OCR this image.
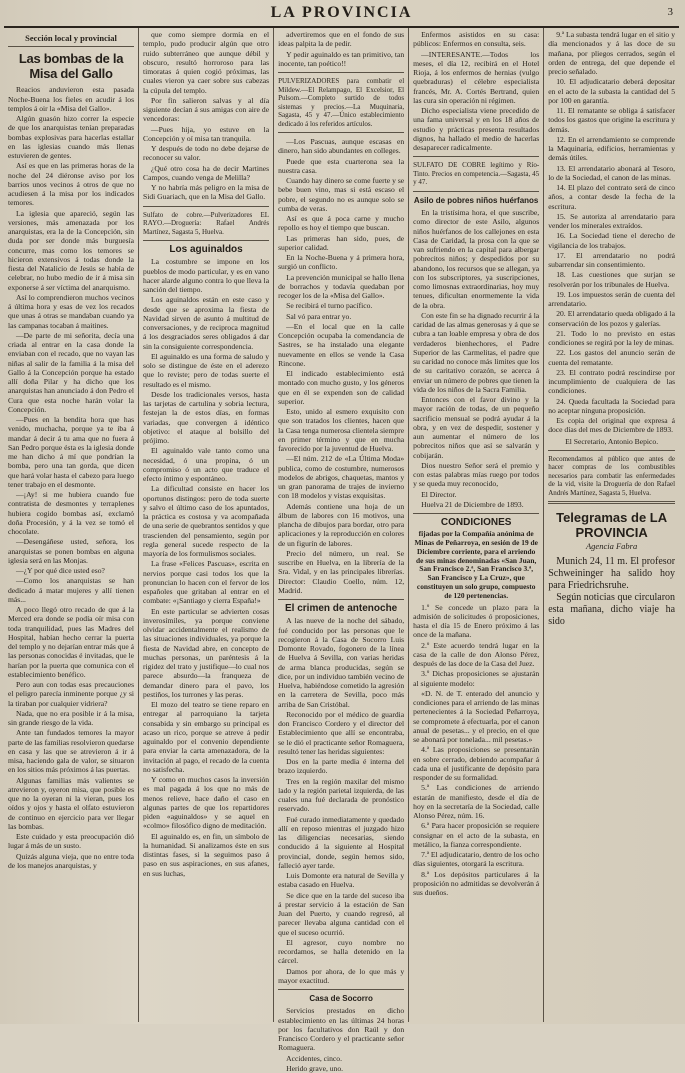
LA PROVINCIA	3
Sección local y provincial
Las bombas de la Misa del Gallo

Reacios anduvieron esta pasada Noche-Buena los fieles en acudir á los templos á oir la «Misa del Gallo».

Algún guasón hizo correr la especie de que los anarquistas tenían preparadas bombas explosivas para hacerlas estallar en las iglesias cuando más llenas estuvieren de gentes.

Así es que en las primeras horas de la noche del 24 diéronse aviso por los barrios unos vecinos á otros de que no acudiesen á la misa por los indicados temores.

La iglesia que apareció, según las versiones, más amenazada por los anarquistas, era la de la Concepción, sin duda por ser donde más burguesía concurre, mas como los temores se hicieron extensivos á todas donde la fiesta del Natalicio de Jesús se había de celebrar, no hubo medio de ir á misa sin exponerse á ser víctima del anarquismo.

Así lo comprendieron muchos vecinos á última hora y esas de vez los recados que unas á otras se mandaban cuando ya las campanas tocaban á maitines.

—De parte de mi señorita, decía una criada al entrar en la casa donde la enviaban con el recado, que no vayan las niñas al salir de la familia á la misa del Gallo á la Concepción porque ha estado allí doña Pilar y ha dicho que los anarquistas han anunciado á don Pedro el Cura que esta noche harán volar la Concepción.

—Pues en la bendita hora que has venido, muchacha, porque ya te iba á mandar á decir á tu ama que no fuera á San Pedro porque ésta es la iglesia donde me han dicho á mí que pondrían la bomba, pero una tan gorda, que dicen que hará volar hasta el cabezo para luego tener trabajo en el desmonte.

—¡Ay! si me hubiera cuando fue contratista de desmontes y terraplenes hubiera cogido bombas así, exclamó doña Procesión, y á la vez se tomó el chocolate.

—Desengáñese usted, señora, los anarquistas se ponen bombas en alguna iglesia será en las Monjas.

—¿Y por qué dice usted eso?

—Como los anarquistas se han dedicado á matar mujeres y allí tienen más...

A poco llegó otro recado de que á la Merced era donde se podía oír misa con toda tranquilidad, pues las Madres del Hospital, habían hecho cerrar la puerta del templo y no dejarían entrar más que á las personas conocidas é invitadas, que le harían por la puerta que comunica con el establecimiento benéfico.

Pero aun con todas esas precauciones el peligro parecía inminente porque ¿y si la tiraban por cualquier vidriera?

Nada, que no era posible ir á la misa, sin grande riesgo de la vida.

Ante tan fundados temores la mayor parte de las familias resolvieron quedarse en casa y las que se atrevieron á ir á misa, haciendo gala de valor, se situaron en los sitios más próximos á las puertas.

Algunas familias más valientes se atrevieron y, oyeron misa, que posible es que no la oyeran ni la vieran, pues los oídos y ojos y hasta el olfato estuvieron de continuo en ejercicio para ver llegar las bombas.

Este cuidado y esta preocupación dió lugar á más de un susto.

Quizás alguna vieja, que no entre toda de los manejos anarquistas, y

que como siempre dormía en el templo, pudo producir algún que otro ruido subterráneo que aunque débil y obscuro, resultó horroroso para las timoratas á quien cogió próximas, las cuales vieron ya caer sobre sus cabezas la cúpula del templo.

Por fin salieron salvas y al día siguiente decían á sus amigas con aire de vencedoras:

—Pues hija, yo estuve en la Concepción y oí misa tan tranquila.

Y después de todo no debe dejarse de reconocer su valor.

¿Qué otro cosa ha de decir Martines Campos, cuando venga de Melilla?

Y no habría más peligro en la misa de Sidi Guariach, que en la Misa del Gallo.

Sulfato de cobre.—Pulverizadores EL RAYO.—Droguería: Rafael Andrés Martínez, Sagasta 5, Huelva.
Los aguinaldos

La costumbre se impone en los pueblos de modo particular, y es en vano hacer alarde alguno contra lo que lleva la sanción del tiempo.

Los aguinaldos están en este caso y desde que se aproxima la fiesta de Navidad sirven de asunto á multitud de conversaciones, y de reciproca magnitud á los desgraciados seres obligados á dar sin la consiguiente correspondencia.

El aguinaldo es una forma de saludo y solo se distingue de éste en el aderezo que lo reviste; pero de todas suerte el resultado es el mismo.

Desde los tradicionales versos, hasta las tarjetas de cartulina y sobria lectura, festejan la de estos días, en formas variadas, que convergen á idéntico objetivo: el ataque al bolsillo del prójimo.

El aguinaldo vale tanto como una necesidad, ó una propina, ó un compromiso ó un acto que traduce el efecto íntimo y espontáneo.

La dificultad consiste en hacer los oportunos distingos: pero de toda suerte y salvo el último caso de los apuntados, la práctica es costosa y va acompañada de una serie de quebrantos sentidos y que trascienden del pensamiento, según por regla general sucede respecto de la mayoría de los formulismos sociales.

La frase «Felices Pascuas», escrita en nervios porque casi todos los que la pronuncian lo hacen con el fervor de los españoles que gritaban al entrar en el combate: «¡Santiago y cierra España!»

En este particular se advierten cosas inverosímiles, ya porque conviene olvidar accidentalmente el realismo de las situaciones individuales, ya porque la fiesta de Navidad abre, en concepto de muchas personas, un paréntesis á la rigidez del trato y justifique—lo cual nos parece absurdo—la franqueza de demandar dinero para el pavo, los pestiños, los turrones y las peras.

El mozo del teatro se tiene reparo en entregar al parroquiano la tarjeta consabida y sin embargo su principal es acaso un rico, porque se atreve á pedir aguinaldo por el convenio dependiente para enviar la carta amenazadora, de la invitación al pago, el recado de la cuenta no satisfecha.

Y como en muchos casos la inversión es mal pagada á los que no más de menos relieve, hace daño el caso en algunas partes de que los repartidores piden «aguinaldos» y se aquel en «colmo» filosófico digno de meditación.

El aguinaldo es, en fin, un símbolo de la humanidad. Si analizamos éste en sus distintas fases, si la seguimos paso á paso en sus aspiraciones, en sus afanes, en sus luchas,

advertiremos que en el fondo de sus ideas palpita la de pedir.

Y pedir aguinaldo es tan primitivo, tan inocente, tan poético!!

PULVERIZADORES para combatir el Mildew.—El Relampago, El Excelsior, El Pulsom.—Completo surtido de todos sistemas y precios.—La Muquinaria, Sagasta, 45 y 47.—Único establecimiento dedicado á los referidos artículos.

—Los Pascuas, aunque escasas en dinero, han sido abundantes en colleges.

Puede que esta cuarterona sea la nuestra casa.

Cuando hay dinero se come fuerte y se bebe buen vino, mas si está escaso el pobre, el segundo no es aunque solo se cumba de veras.

Así es que á poca carne y mucho repollo es hoy el tiempo que buscan.

Las primeras han sido, pues, de superior calidad.

En la Noche-Buena y á primera hora, surgió un conflicto.

La prevención municipal se hallo llena de borrachos y todavía quedaban por recoger los de la «Misa del Gallo».

Se recibirá el turno pacífico.

Sal vó para entrar yo.

—En el local que en la calle Concepción ocupaba la comendancia de Sastres, se ha instalado una elegante nuevamente en ellos se vende la Casa Rincone.

El indicado establecimiento está montado con mucho gusto, y los géneros que en él se expenden son de calidad superior.

Esto, unido al esmero exquisito con que son tratados los clientes, hacen que la Casa tenga numerosa clientela siempre en primer término y que en mucha favorecido por la juventud de Huelva.

—El núm. 212 de «La Última Moda» publica, como de costumbre, numerosos modelos de abrigos, chaquetas, mantos y un gran panorama de trajes de invierno con 18 modelos y vistas exquisitas.

Además contiene una hoja de un álbum de labores con 16 motivos, una plancha de dibujos para bordar, otro para aplicaciones y la reproducción en colores de un figurín de labores.

Precio del número, un real. Se suscribe en Huelva, en la librería de la Sra. Vidal, y en las principales librerías. Director: Claudio Coello, núm. 12, Madrid.

El crimen de antenoche

A las nueve de la noche del sábado, fué conducido por las personas que le recogieron á la Casa de Socorro Luis Domonte Rovado, fogonero de la línea de Huelva á Sevilla, con varias heridas de arma blanca producidas, según se dice, por un individuo también vecino de Huelva, habiéndose cometido la agresión en la carretera de Sevilla, poco más arriba de San Cristóbal.

Reconocido por el médico de guardia don Francisco Cordero y el director del Establecimiento que allí se encontraba, se le dió el practicante señor Romaguera, resultó tener las heridas siguientes:

Dos en la parte media é interna del brazo izquierdo.

Tres en la región maxilar del mismo lado y la región parietal izquierda, de las cuales una fué declarada de pronóstico reservado.

Fué curado inmediatamente y quedado allí en reposo mientras el juzgado hizo las diligencias necesarias, siendo conducido á la siguiente al Hospital provincial, donde, según hemos sido, falleció ayer tarde.

Luis Domonte era natural de Sevilla y estaba casado en Huelva.

Se dice que en la tarde del suceso iba á prestar servicio á la estación de San Juan del Puerto, y cuando regresó, al parecer llevaba alguna cantidad con el que el suceso ocurrió.

El agresor, cuyo nombre no recordamos, se halla detenido en la cárcel.

Damos por ahora, de lo que más y mayor exactitud.

Casa de Socorro

Servicios prestados en dicho establecimiento en las últimas 24 horas por los facultativos don Raúl y don Francisco Cordero y el practicante señor Romaguera.

Accidentes, cinco.

Herido grave, uno.

Enfermos asistidos en su casa: públicos: Enfermos en consulta, seis.

—INTERESANTE.—Todos los meses, el día 12, recibirá en el Hotel Rioja, á los enfermos de hernias (vulgo quebraduras) el célebre especialista francés, Mr. A. Cortés Bertrand, quien las cura sin operación ni régimen.

Dicho especialista viene precedido de una fama universal y en los 18 años de estudio y prácticas presenta resultados dignos, ha hallado el medio de hacerlas desaparecer radicalmente.

SULFATO DE COBRE legítimo y Río-Tinto. Precios en competencia.—Sagasta, 45 y 47.
Asilo de pobres niños huérfanos

En la tristísima hora, el que suscribe, como director de este Asilo, algunos niños huérfanos de los callejones en esta Casa de Caridad, la prosa con la que se van sufriendo en la capital para albergar pobrecitos niños; y despedidos por su abandono, los recursos que se allegan, ya con los subscriptores, ya suscripciones, como limosnas extraordinarias, hoy muy tenues, dificultan enormemente la vida de la obra.

Con este fin se ha dignado recurrir á la caridad de las almas generosas y á que se cubra a tan loable empresa y obra de dos verdaderos bienhechores, el Padre Superior de las Carmelitas, el padre que su caridad no conoce más limites que los de su caritativo corazón, se acerca á enviar un número de pobres que tienen la vida de los niños de la Sacra Familia.

Entonces con el favor divino y la mayor ración de todas, de un pequeño sacrificio mensual se podrá ayudar á la obra, y en vez de despedir, sostener y aun aumentar el número de los pobrecitos niños que así se salvarán y cobijarán.

Dios nuestro Señor será el premio y con estas palabras mías ruego por todos y se queda muy reconocido,

El Director.

Huelva 21 de Diciembre de 1893.

CONDICIONES

fijadas por la Compañía anónima de Minas de Peñarroya, en sesión de 19 de Diciembre corriente, para el arriendo de sus minas denominadas «San Juan, San Francisco 2.ª, San Francisco 3.ª, San Francisco y La Cruz», que constituyen un solo grupo, compuesto de 120 pertenencias.

1.º Se concede un plazo para la admisión de solicitudes ó proposiciones, hasta el día 15 de Enero próximo á las once de la mañana.

2.º Este acuerdo tendrá lugar en la casa de la calle de don Alonso Pérez, después de las doce de la Casa del Juez.

3.º Dichas proposiciones se ajustarán al siguiente modelo:

«D. N. de T. enterado del anuncio y condiciones para el arriendo de las minas pertenecientes á la Sociedad Peñarroya, se compromete á efectuarla, por el canon anual de pesetas... y el precio, en el que se abonará por tonelada... mil pesetas.»

4.ª Las proposiciones se presentarán en sobre cerrado, debiendo acompañar á cada una el justificante de depósito para responder de su formalidad.

5.ª Las condiciones de arriendo estarán de manifiesto, desde el día de hoy en la secretaría de la Sociedad, calle Alonso Pérez, núm. 16.

6.ª Para hacer proposición se requiere consignar en el acto de la subasta, en metálico, la fianza correspondiente.

7.ª El adjudicatario, dentro de los ocho días siguientes, otorgará la escritura.

8.ª Los depósitos particulares á la proposición no admitidas se devolverán á sus dueños.

9.ª La subasta tendrá lugar en el sitio y día mencionados y á las doce de su mañana, por pliegos cerrados, según el orden de entrega, del que depende el precio señalado.

10. El adjudicatario deberá depositar en el acto de la subasta la cantidad del 5 por 100 en garantía.

11. El rematante se obliga á satisfacer todos los gastos que origine la escritura y demás.

12. En el arrendamiento se comprende la Maquinaria, edificios, herramientas y demás útiles.

13. El arrendatario abonará al Tesoro, lo de la Sociedad, el canon de las minas.

14. El plazo del contrato será de cinco años, a contar desde la fecha de la escritura.

15. Se autoriza al arrendatario para vender los minerales extraídos.

16. La Sociedad tiene el derecho de vigilancia de los trabajos.

17. El arrendatario no podrá subarrendar sin consentimiento.

18. Las cuestiones que surjan se resolverán por los tribunales de Huelva.

19. Los impuestos serán de cuenta del arrendatario.

20. El arrendatario queda obligado á la conservación de los pozos y galerías.

21. Todo lo no previsto en estas condiciones se regirá por la ley de minas.

22. Los gastos del anuncio serán de cuenta del rematante.

23. El contrato podrá rescindirse por incumplimiento de cualquiera de las condiciones.

24. Queda facultada la Sociedad para no aceptar ninguna proposición.

Es copia del original que expresa á doce días del mes de Diciembre de 1893.

El Secretario, Antonio Bepico.

Recomendamos al público que antes de hacer compras de los combustibles necesarios para combatir las enfermedades de la vid, visite la Droguería de don Rafael Andrés Martínez, Sagasta 5, Huelva.
Telegramas de LA PROVINCIA
Agencia Fabra

Munich 24, 11 m. El profesor Schweininger ha salido hoy para Friedrichsruhe.

Según noticias que circularon esta mañana, dicho viaje ha sido
